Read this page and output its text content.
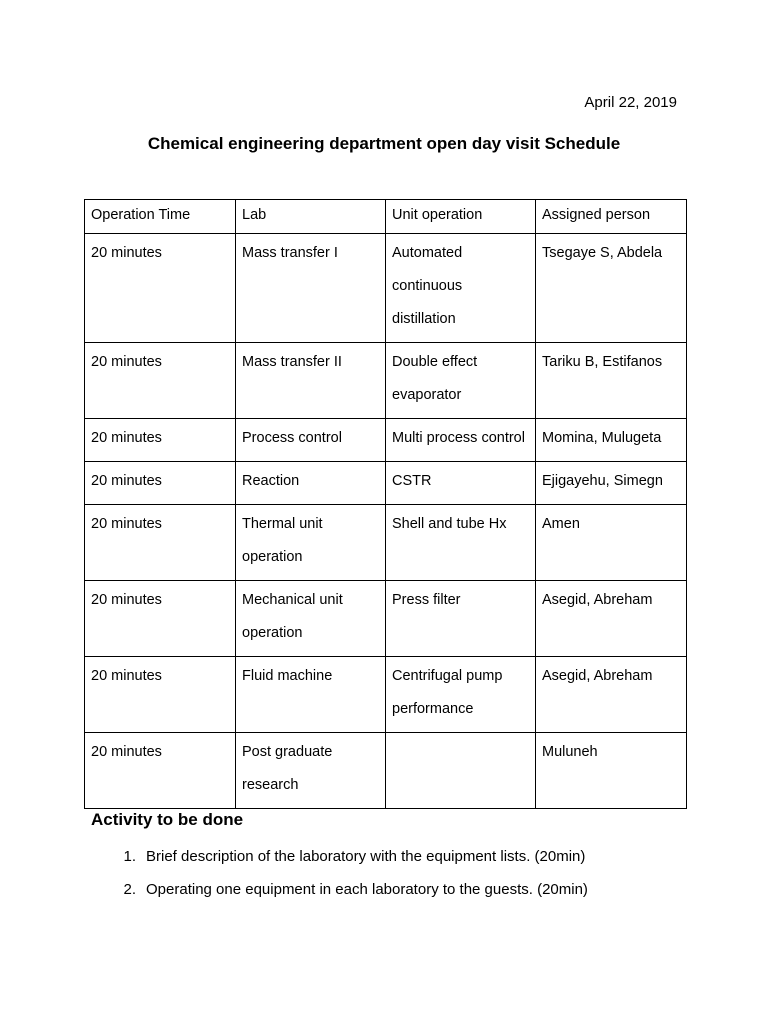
April 22, 2019
Chemical engineering department open day visit Schedule
Operation Time	Lab	Unit operation	Assigned person
20 minutes	Mass transfer I	Automated continuous distillation	Tsegaye S, Abdela
20 minutes	Mass transfer II	Double effect evaporator	Tariku B, Estifanos
20 minutes	Process control	Multi process control	Momina, Mulugeta
20 minutes	Reaction	CSTR	Ejigayehu, Simegn
20 minutes	Thermal unit operation	Shell and tube Hx	Amen
20 minutes	Mechanical unit operation	Press filter	Asegid, Abreham
20 minutes	Fluid machine	Centrifugal pump performance	Asegid, Abreham
20 minutes	Post graduate research		Muluneh
Activity to be done
1. Brief description of the laboratory with the equipment lists. (20min)
2. Operating one equipment in each laboratory to the guests. (20min)
